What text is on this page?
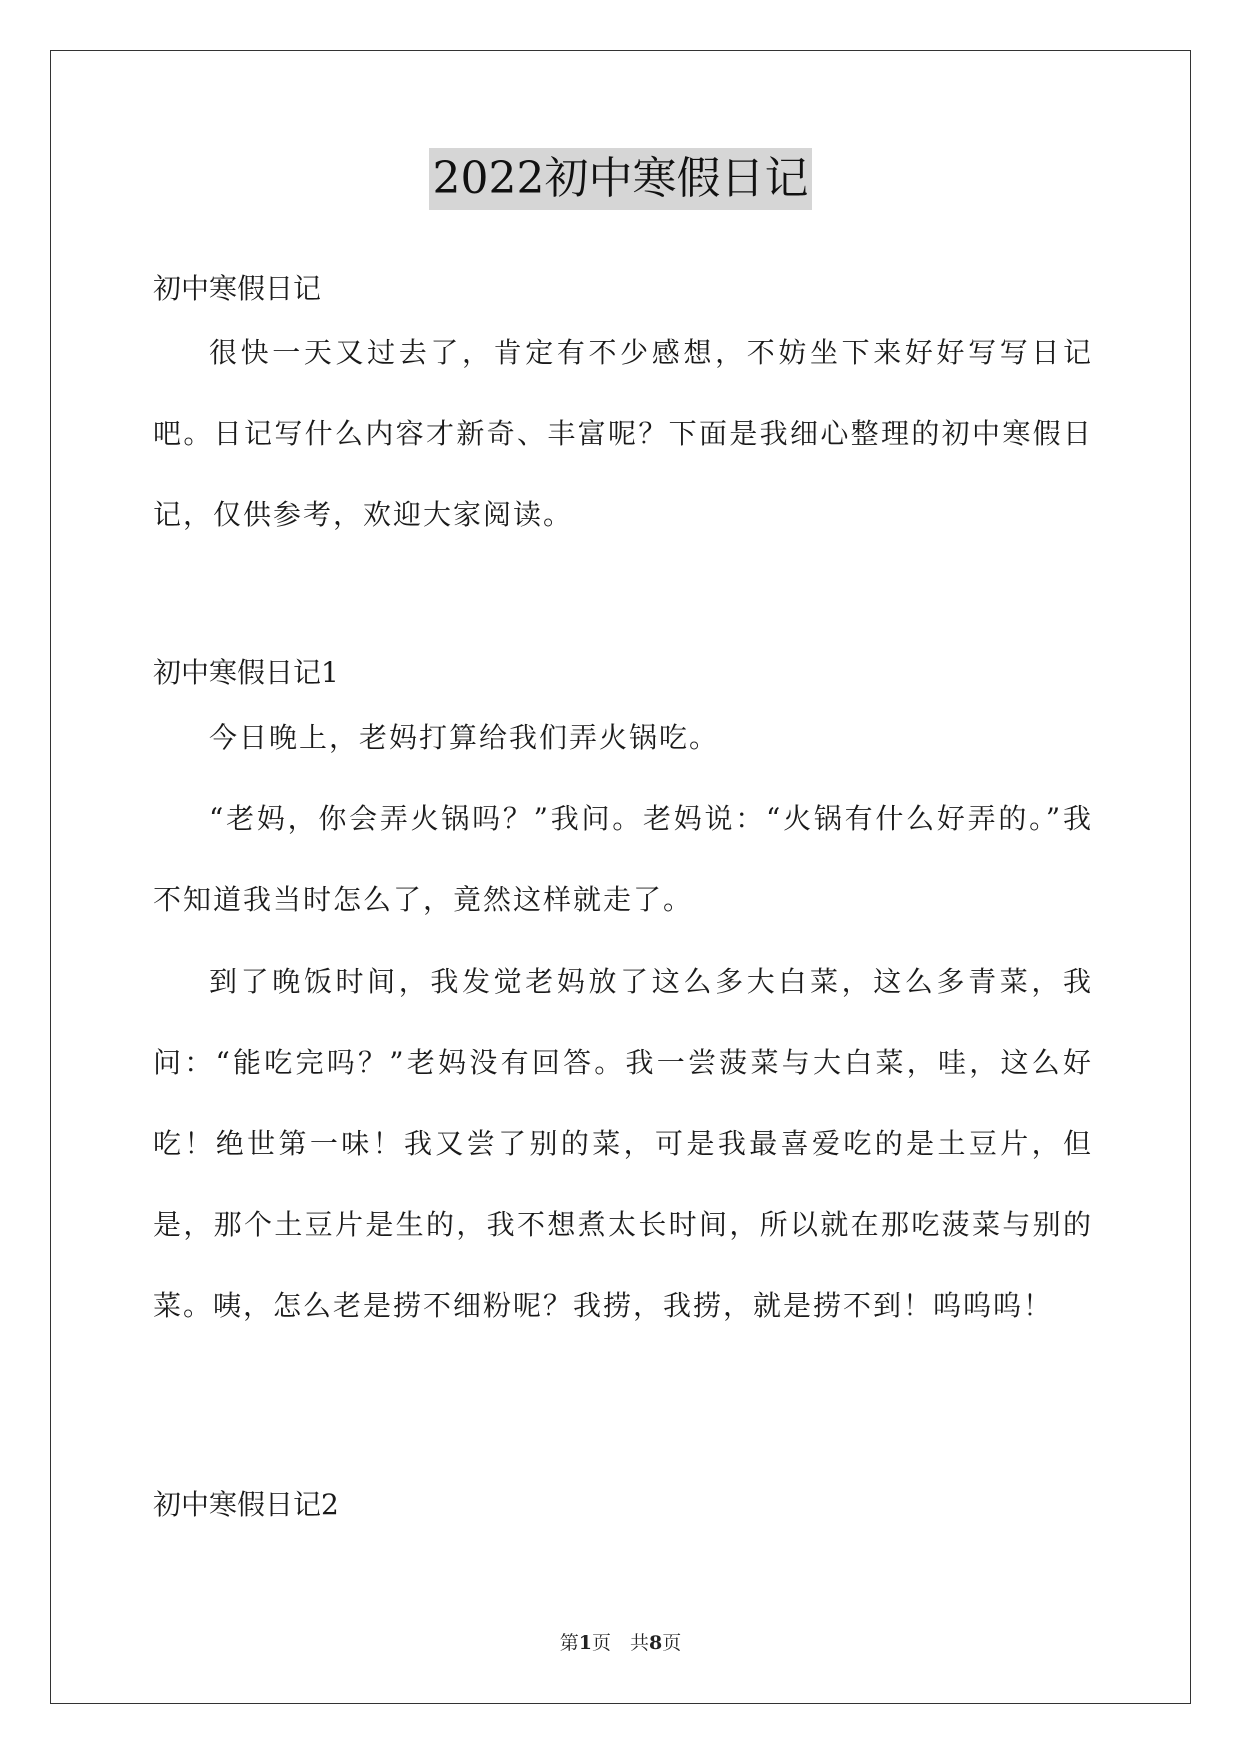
2022初中寒假日记

初中寒假日记

很快一天又过去了，肯定有不少感想，不妨坐下来好好写写日记吧。日记写什么内容才新奇、丰富呢？下面是我细心整理的初中寒假日记，仅供参考，欢迎大家阅读。

初中寒假日记1

今日晚上，老妈打算给我们弄火锅吃。

“老妈，你会弄火锅吗？”我问。老妈说：“火锅有什么好弄的。”我不知道我当时怎么了，竟然这样就走了。

到了晚饭时间，我发觉老妈放了这么多大白菜，这么多青菜，我问：“能吃完吗？”老妈没有回答。我一尝菠菜与大白菜，哇，这么好吃！绝世第一味！我又尝了别的菜，可是我最喜爱吃的是土豆片，但是，那个土豆片是生的，我不想煮太长时间，所以就在那吃菠菜与别的菜。咦，怎么老是捞不细粉呢？我捞，我捞，就是捞不到！呜呜呜！

初中寒假日记2

第1页　共8页
